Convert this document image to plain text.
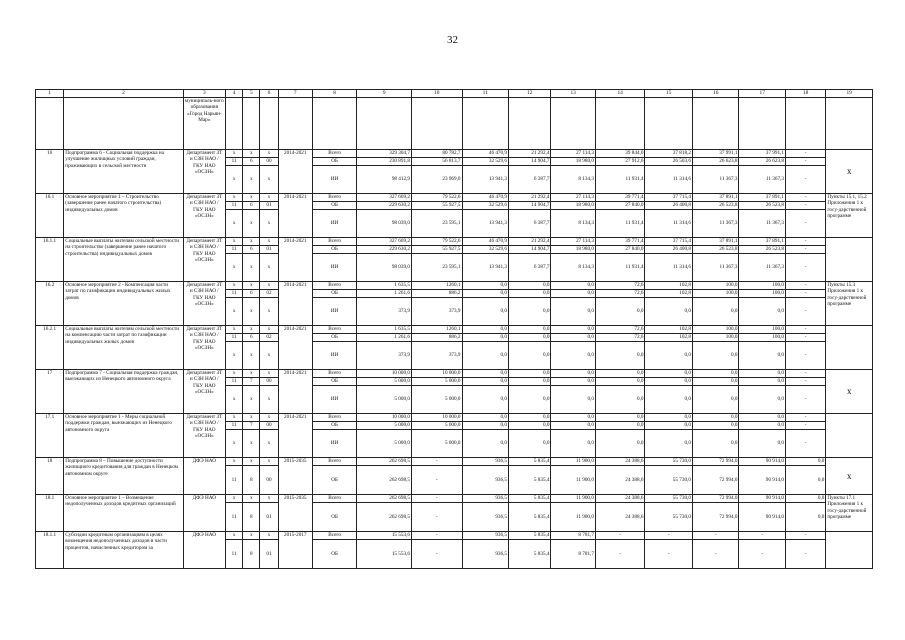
32
1	2	3	4	5	6	7	8	9	10	11	12	13	14	15	16	17	18	19
		муниципаль-ного образования «Город Нарьян-Мар»																
16	Подпрограмма 6 - Социальная поддержка на улучшение жилищных условий граждан, проживающих в сельской местности	Департамент ЗТ и СЗН НАО / ГКУ НАО «ОСЗН»	х	х	х	2014-2021	Всего	329 304,7	80 782,7	46 470,9	21 292,4	27 114,3	39 844,0	37 818,2	37 991,1	37 991,1	-	х
			11	6	00		ОБ	230 891,8	56 813,7	32 529,6	14 904,7	18 980,0	27 912,6	26 503,6	26 623,8	26 623,8	-	
			х	х	х		ИИ	98 412,9	23 969,0	13 941,3	6 387,7	8 134,3	11 931,4	11 314,6	11 367,3	11 367,3	-	
16.1	Основное мероприятие 1 – Строительство (завершение ранее начатого строительства) индивидуальных домов	Департамент ЗТ и СЗН НАО / ГКУ НАО «ОСЗН»	х	х	х	2014-2021	Всего	327 669,2	79 522,6	46 470,9	21 292,4	27 114,3	39 771,4	37 715,4	37 891,1	37 891,1	-	Пункты 15.1, 15.2 Приложения 1 к госу-дарственной программе
			11	6	01		ОБ	229 630,2	55 927,5	32 529,6	14 904,7	18 980,0	27 840,0	26 400,8	26 523,8	26 523,8	-	
			х	х	х		ИИ	98 039,0	23 595,1	13 941,3	6 387,7	8 134,3	11 931,4	11 314,6	11 367,3	11 367,3	-	
16.1.1	Социальные выплаты жителям сельской местности на строительство (завершение ранее начатого строительства) индивидуальных домов	Департамент ЗТ и СЗН НАО / ГКУ НАО «ОСЗН»	х	х	х	2014-2021	Всего	327 669,2	79 522,6	46 470,9	21 292,4	27 114,3	39 771,4	37 715,4	37 891,1	37 891,1	-	
			11	6	01		ОБ	229 630,2	55 927,5	32 529,6	14 904,7	18 980,0	27 840,0	26 400,8	26 523,8	26 523,8	-	
			х	х	х		ИИ	98 039,0	23 595,1	13 941,3	6 387,7	8 134,3	11 931,4	11 314,6	11 367,3	11 367,3	-	
16.2	Основное мероприятие 2 - Компенсация части затрат по газификации индивидуальных жилых домов	Департамент ЗТ и СЗН НАО / ГКУ НАО «ОСЗН»	х	х	х	2014-2021	Всего	1 635,5	1260,1	0,0	0,0	0,0	72,6	102,8	100,0	100,0	-	Пункты 15.3 Приложения 1 к госу-дарственной программе
			11	6	02		ОБ	1 261,6	886,2	0,0	0,0	0,0	72,6	102,8	100,0	100,0	-	
			х	х	х		ИИ	373,9	373,9	0,0	0,0	0,0	0,0	0,0	0,0	0,0	-	
16.2.1	Социальные выплаты жителям сельской местности на компенсацию части затрат по газификации индивидуальных жилых домов	Департамент ЗТ и СЗН НАО / ГКУ НАО «ОСЗН»	х	х	х	2014-2021	Всего	1 635,5	1260,1	0,0	0,0	0,0	72,6	102,8	100,0	100,0	-	
			11	6	02		ОБ	1 261,6	886,2	0,0	0,0	0,0	72,6	102,8	100,0	100,0	-	
			х	х	х		ИИ	373,9	373,9	0,0	0,0	0,0	0,0	0,0	0,0	0,0	-	
17	Подпрограмма 7 - Социальная поддержка граждан, выезжающих из Ненецкого автономного округа	Департамент ЗТ и СЗН НАО / ГКУ НАО «ОСЗН»	х	х	х	2014-2021	Всего	10 000,0	10 000,0	0,0	0,0	0,0	0,0	0,0	0,0	0,0	-	х
			11	7	00		ОБ	5 000,0	5 000,0	0,0	0,0	0,0	0,0	0,0	0,0	0,0	-	
			х	х	х		ИИ	5 000,0	5 000,0	0,0	0,0	0,0	0,0	0,0	0,0	0,0	-	
17.1	Основное мероприятие 1 - Меры социальной поддержки граждан, выезжающих из Ненецкого автономного округа	Департамент ЗТ и СЗН НАО / ГКУ НАО «ОСЗН»	х	х	х	2014-2021	Всего	10 000,0	10 000,0	0,0	0,0	0,0	0,0	0,0	0,0	0,0	-	
			11	7	00		ОБ	5 000,0	5 000,0	0,0	0,0	0,0	0,0	0,0	0,0	0,0	-	
			х	х	х		ИИ	5 000,0	5 000,0	0,0	0,0	0,0	0,0	0,0	0,0	0,0	-	
18	Подпрограмма 8 – Повышение доступности жилищного кредитования для граждан в Ненецком автономном округе	ДФЭ НАО	х	х	х	2015-2035	Всего	262 698,5	-	936,5	5 835,4	11 900,0	24 388,6	55 730,0	72 994,0	90 914,0	0,0	х
			11	8	00		ОБ	262 698,5	-	936,5	5 835,4	11 900,0	24 388,6	55 730,0	72 994,0	90 914,0	0,0	
18.1	Основное мероприятие 1 – Возмещение недополученных доходов кредитных организаций	ДФЭ НАО	х	х	х	2015-2035	Всего	262 698,5	-	936,5	5 835,4	11 900,0	24 388,6	55 730,0	72 994,0	90 914,0	0,0	Пункты 17.1 Приложения 1 к госу-дарственной программе
			11	8	01		ОБ	262 698,5	-	936,5	5 835,4	11 900,0	24 388,6	55 730,0	72 994,0	90 914,0	0,0	
18.1.1	Субсидии кредитным организациям в целях возмещения недополученных доходов в части процентов, начисленных кредитором за	ДФЭ НАО	х	х	х	2015-2017	Всего	15 553,6	-	936,5	5 835,4	8 781,7	-	-	-	-	-	
			11	8	01		ОБ	15 553,6	-	936,5	5 835,4	8 781,7	-	-	-	-	-	
